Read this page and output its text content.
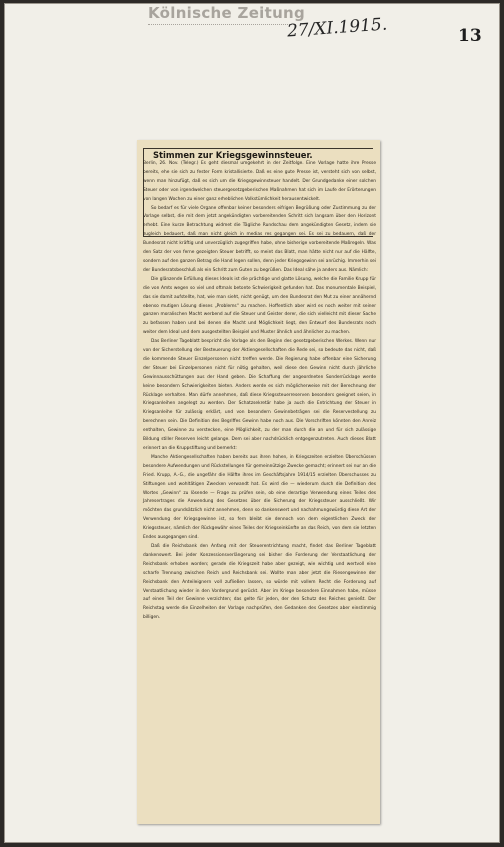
Kölnische Zeitung
27/XI.1915.	13
Stimmen zur Kriegsgewinnsteuer.

Berlin, 26. Nov. (Telegr.) Es geht diesmal umgekehrt in der Zeitfolge. Eine Vorlage hatte ihre Presse bereits, ehe sie sich zu fester Form kristallisierte. Daß es eine gute Presse ist, versteht sich von selbst, wenn man hinzufügt, daß es sich um die Kriegsgewinnsteuer handelt. Der Grundgedanke einer solchen Steuer oder von irgendwelchen steuergesetzgeberischen Maßnahmen hat sich im Laufe der Erörterungen von langen Wochen zu einer ganz erheblichen Volkstümlichkeit herausentwickelt.

So bedarf es für viele Organe offenbar keiner besonders eifrigen Begrüßung oder Zustimmung zu der Vorlage selbst, die mit dem jetzt angekündigten vorbereitenden Schritt sich langsam über den Horizont erhebt. Eine kurze Betrachtung widmet die Tägliche Rundschau dem angekündigten Gesetz, indem sie zugleich bedauert, daß man nicht gleich in medias res gegangen sei. Es sei zu bedauern, daß der Bundesrat nicht kräftig und unverzüglich zugegriffen habe, ohne bisherige vorbereitende Maßregeln. Was den Satz der von ferne gezeigten Steuer betrifft, so meint das Blatt, man hätte nicht nur auf die Hälfte, sondern auf den ganzen Betrag die Hand legen sollen, denn jeder Kriegsgewinn sei anrüchig. Immerhin sei der Bundesratsbeschluß als ein Schritt zum Guten zu begrüßen. Das Ideal sähe ja anders aus. Nämlich:

Die glänzende Erfüllung dieses Ideals ist die prächtige und glatte Lösung, welche die Familie Krupp für die von Amts wegen so viel und oftmals betonte Schwierigkeit gefunden hat. Das monumentale Beispiel, das sie damit aufstellte, hat, wie man sieht, nicht genügt, um den Bundesrat den Mut zu einer annähernd ebenso mutigen Lösung dieses „Problems“ zu machen. Hoffentlich aber wird es noch weiter mit seiner ganzen moralischen Macht werbend auf die Steuer und Geister derer, die sich vielleicht mit dieser Sache zu befassen haben und bei denen die Macht und Möglichkeit liegt, den Entwurf des Bundesrats noch weiter dem Ideal und dem ausgestellten Beispiel und Muster ähnlich und ähnlicher zu machen.

Das Berliner Tageblatt bespricht die Vorlage als den Beginn des gesetzgeberischen Werkes. Wenn nur von der Sicherstellung der Besteuerung der Aktiengesellschaften die Rede sei, so bedeute das nicht, daß die kommende Steuer Einzelpersonen nicht treffen werde. Die Regierung habe offenbar eine Sicherung der Steuer bei Einzelpersonen nicht für nötig gehalten, weil diese den Gewinn nicht durch jährliche Gewinnausschüttungen aus der Hand geben. Die Schaffung der angeordneten Sonderrücklage werde keine besondern Schwierigkeiten bieten. Anders werde es sich möglicherweise mit der Berechnung der Rücklage verhalten. Man dürfe annehmen, daß diese Kriegssteuerreserven besonders geeignet seien, in Kriegsanleihen angelegt zu werden. Der Schatzsekretär habe ja auch die Entrichtung der Steuer in Kriegsanleihe für zulässig erklärt, und von besondern Gewinnbeträgen sei die Reservestellung zu berechnen sein. Die Definition des Begriffes Gewinn habe noch aus. Die Vorschriften könnten den Anreiz enthalten, Gewinne zu verstecken, eine Möglichkeit, zu der man durch die an und für sich zulässige Bildung stiller Reserven leicht gelange. Dem sei aber nachdrücklich entgegenzutreten. Auch dieses Blatt erinnert an die Kruppstiftung und bemerkt:

Manche Aktiengesellschaften haben bereits aus ihren hohen, in Kriegszeiten erzielten Überschüssen besondere Aufwendungen und Rückstellungen für gemeinnützige Zwecke gemacht; erinnert sei nur an die Fried. Krupp, A.-G., die ungefähr die Hälfte ihres im Geschäftsjahre 1914/15 erzielten Überschusses zu Stiftungen und wohltätigen Zwecken verwandt hat. Es wird die — wiederum durch die Definition des Wortes „Gewinn“ zu lösende — Frage zu prüfen sein, ob eine derartige Verwendung eines Teiles des Jahresertrages die Anwendung des Gesetzes über die Sicherung der Kriegssteuer ausschließt. Wir möchten das grundsätzlich nicht annehmen, denn so dankenswert und nachahmungswürdig diese Art der Verwendung der Kriegsgewinne ist, so fern bleibt sie dennoch von dem eigentlichen Zweck der Kriegssteuer, nämlich der Rückgewähr eines Teiles der Kriegseinkünfte an das Reich, von dem sie letzten Endes ausgegangen sind.

Daß die Reichsbank den Anfang mit der Steuerentrichtung macht, findet das Berliner Tageblatt dankenswert. Bei jeder Konzessionsverlängerung sei bisher die Forderung der Verstaatlichung der Reichsbank erhoben worden; gerade die Kriegszeit habe aber gezeigt, wie wichtig und wertvoll eine scharfe Trennung zwischen Reich und Reichsbank sei. Wollte man aber jetzt die Riesengewinne der Reichsbank den Anteileignern voll zufließen lassen, so würde mit vollem Recht die Forderung auf Verstaatlichung wieder in den Vordergrund gerückt. Aber im Kriege besondere Einnahmen habe, müsse auf einen Teil der Gewinne verzichten; das gelte für jeden, der den Schutz des Reiches genießt. Der Reichstag werde die Einzelheiten der Vorlage nachprüfen, den Gedanken des Gesetzes aber einstimmig billigen.
